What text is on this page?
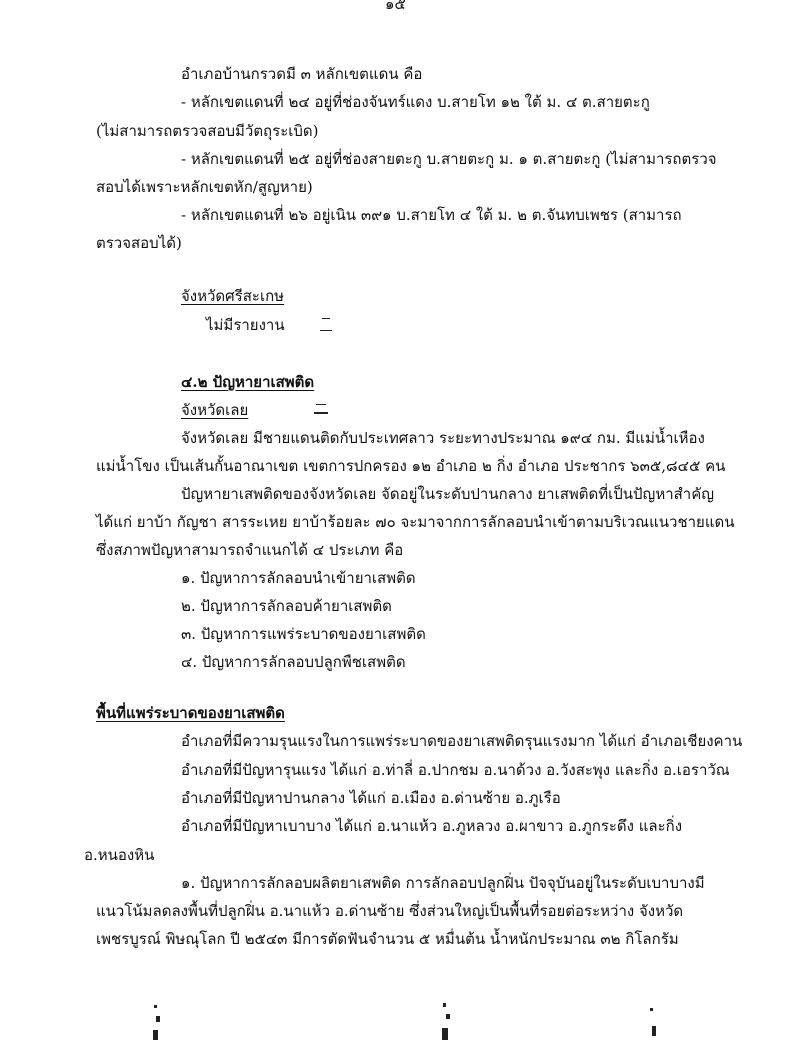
๑๕
อำเภอบ้านกรวดมี ๓ หลักเขตแดน คือ
- หลักเขตแดนที่ ๒๔ อยู่ที่ช่องจันทร์แดง บ.สายโท ๑๒ ใต้ ม. ๔ ต.สายตะกู
(ไม่สามารถตรวจสอบมีวัตถุระเบิด)
- หลักเขตแดนที่ ๒๕ อยู่ที่ช่องสายตะกู บ.สายตะกู ม. ๑ ต.สายตะกู (ไม่สามารถตรวจ
สอบได้เพราะหลักเขตหัก/สูญหาย)
- หลักเขตแดนที่ ๒๖ อยู่เนิน ๓๙๑ บ.สายโท ๔ ใต้ ม. ๒ ต.จันทบเพชร (สามารถ
ตรวจสอบได้)
จังหวัดศรีสะเกษ
ไม่มีรายงาน
๔.๒ ปัญหายาเสพติด
จังหวัดเลย
จังหวัดเลย มีชายแดนติดกับประเทศลาว ระยะทางประมาณ ๑๙๔ กม. มีแม่น้ำเหือง
แม่น้ำโขง เป็นเส้นกั้นอาณาเขต เขตการปกครอง ๑๒ อำเภอ ๒ กิ่ง อำเภอ ประชากร ๖๓๕,๘๔๕ คน
ปัญหายาเสพติดของจังหวัดเลย จัดอยู่ในระดับปานกลาง ยาเสพติดที่เป็นปัญหาสำคัญ
ได้แก่ ยาบ้า กัญชา สารระเหย ยาบ้าร้อยละ ๗๐ จะมาจากการลักลอบนำเข้าตามบริเวณแนวชายแดน
ซึ่งสภาพปัญหาสามารถจำแนกได้ ๔ ประเภท คือ
๑. ปัญหาการลักลอบนำเข้ายาเสพติด
๒. ปัญหาการลักลอบค้ายาเสพติด
๓. ปัญหาการแพร่ระบาดของยาเสพติด
๔. ปัญหาการลักลอบปลูกพืชเสพติด
พื้นที่แพร่ระบาดของยาเสพติด
อำเภอที่มีความรุนแรงในการแพร่ระบาดของยาเสพติดรุนแรงมาก ได้แก่ อำเภอเชียงคาน
อำเภอที่มีปัญหารุนแรง ได้แก่ อ.ท่าลี่ อ.ปากชม อ.นาด้วง อ.วังสะพุง และกิ่ง อ.เอราวัณ
อำเภอที่มีปัญหาปานกลาง ได้แก่ อ.เมือง อ.ด่านซ้าย อ.ภูเรือ
อำเภอที่มีปัญหาเบาบาง ได้แก่ อ.นาแห้ว อ.ภูหลวง อ.ผาขาว อ.ภูกระดึง และกิ่ง
อ.หนองหิน
๑. ปัญหาการลักลอบผลิตยาเสพติด การลักลอบปลูกฝิ่น ปัจจุบันอยู่ในระดับเบาบางมี
แนวโน้มลดลงพื้นที่ปลูกฝิ่น อ.นาแห้ว อ.ด่านซ้าย ซึ่งส่วนใหญ่เป็นพื้นที่รอยต่อระหว่าง จังหวัด
เพชรบูรณ์ พิษณุโลก ปี ๒๕๔๓ มีการตัดฟันจำนวน ๕ หมื่นต้น น้ำหนักประมาณ ๓๒ กิโลกรัม
